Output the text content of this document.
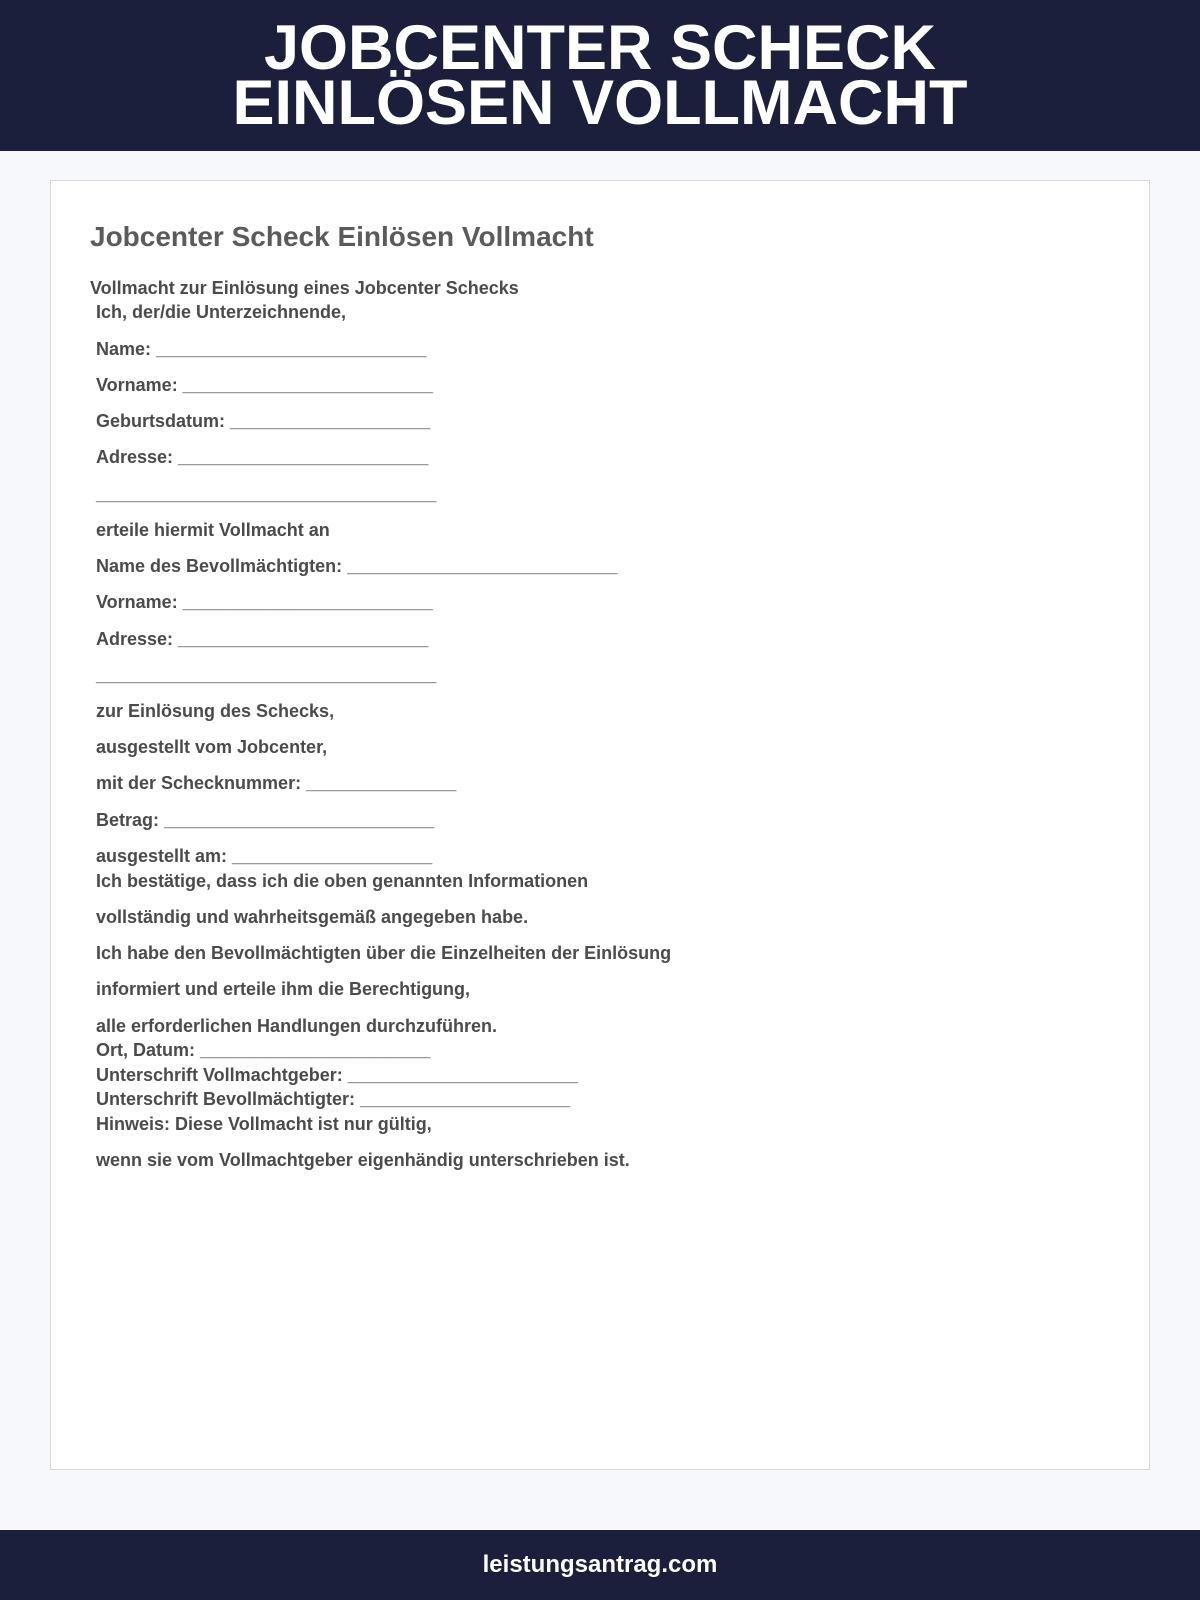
JOBCENTER SCHECK
EINLÖSEN VOLLMACHT
Jobcenter Scheck Einlösen Vollmacht
Vollmacht zur Einlösung eines Jobcenter Schecks
Ich, der/die Unterzeichnende,
Name: ___________________________
Vorname: _________________________
Geburtsdatum: ____________________
Adresse: _________________________
__________________________________
erteile hiermit Vollmacht an
Name des Bevollmächtigten: ___________________________
Vorname: _________________________
Adresse: _________________________
__________________________________
zur Einlösung des Schecks,
ausgestellt vom Jobcenter,
mit der Schecknummer: _______________
Betrag: ___________________________
ausgestellt am: ____________________
Ich bestätige, dass ich die oben genannten Informationen
vollständig und wahrheitsgemäß angegeben habe.
Ich habe den Bevollmächtigten über die Einzelheiten der Einlösung
informiert und erteile ihm die Berechtigung,
alle erforderlichen Handlungen durchzuführen.
Ort, Datum: _______________________
Unterschrift Vollmachtgeber: _______________________
Unterschrift Bevollmächtigter: _____________________
Hinweis: Diese Vollmacht ist nur gültig,
wenn sie vom Vollmachtgeber eigenhändig unterschrieben ist.
leistungsantrag.com
